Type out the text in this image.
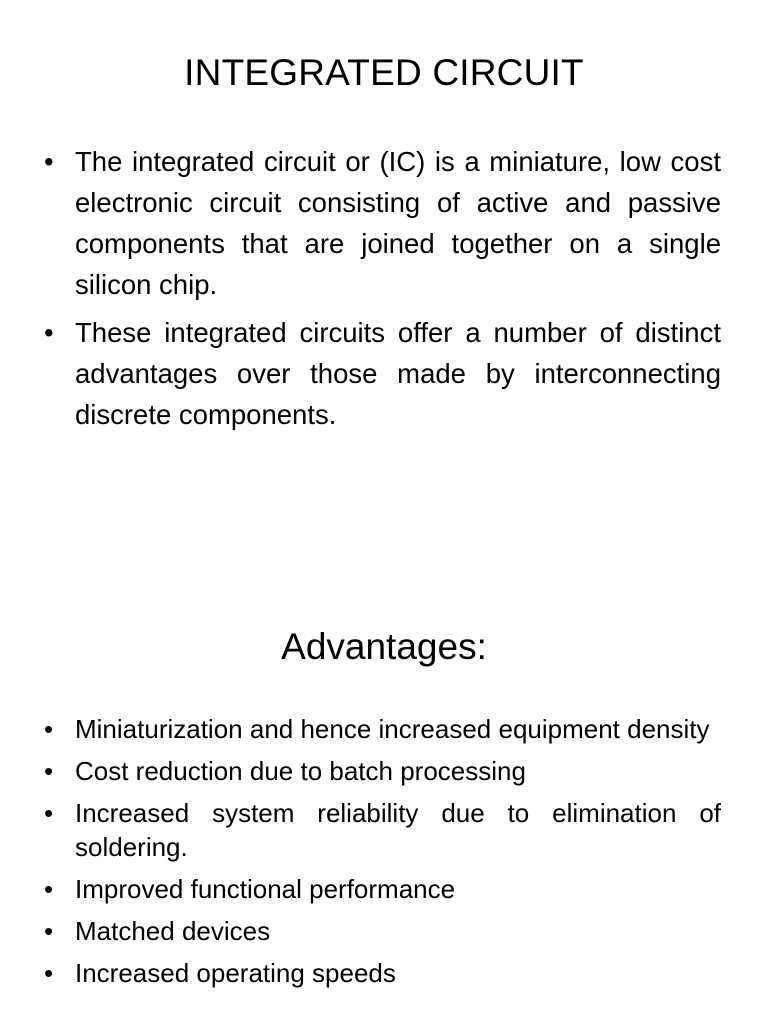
INTEGRATED CIRCUIT
• The integrated circuit or (IC) is a miniature, low cost electronic circuit consisting of active and passive components that are joined together on a single silicon chip.
• These integrated circuits offer a number of distinct advantages over those made by interconnecting discrete components.
Advantages:
• Miniaturization and hence increased equipment density
• Cost reduction due to batch processing
• Increased system reliability due to elimination of soldering.
• Improved functional performance
• Matched devices
• Increased operating speeds
